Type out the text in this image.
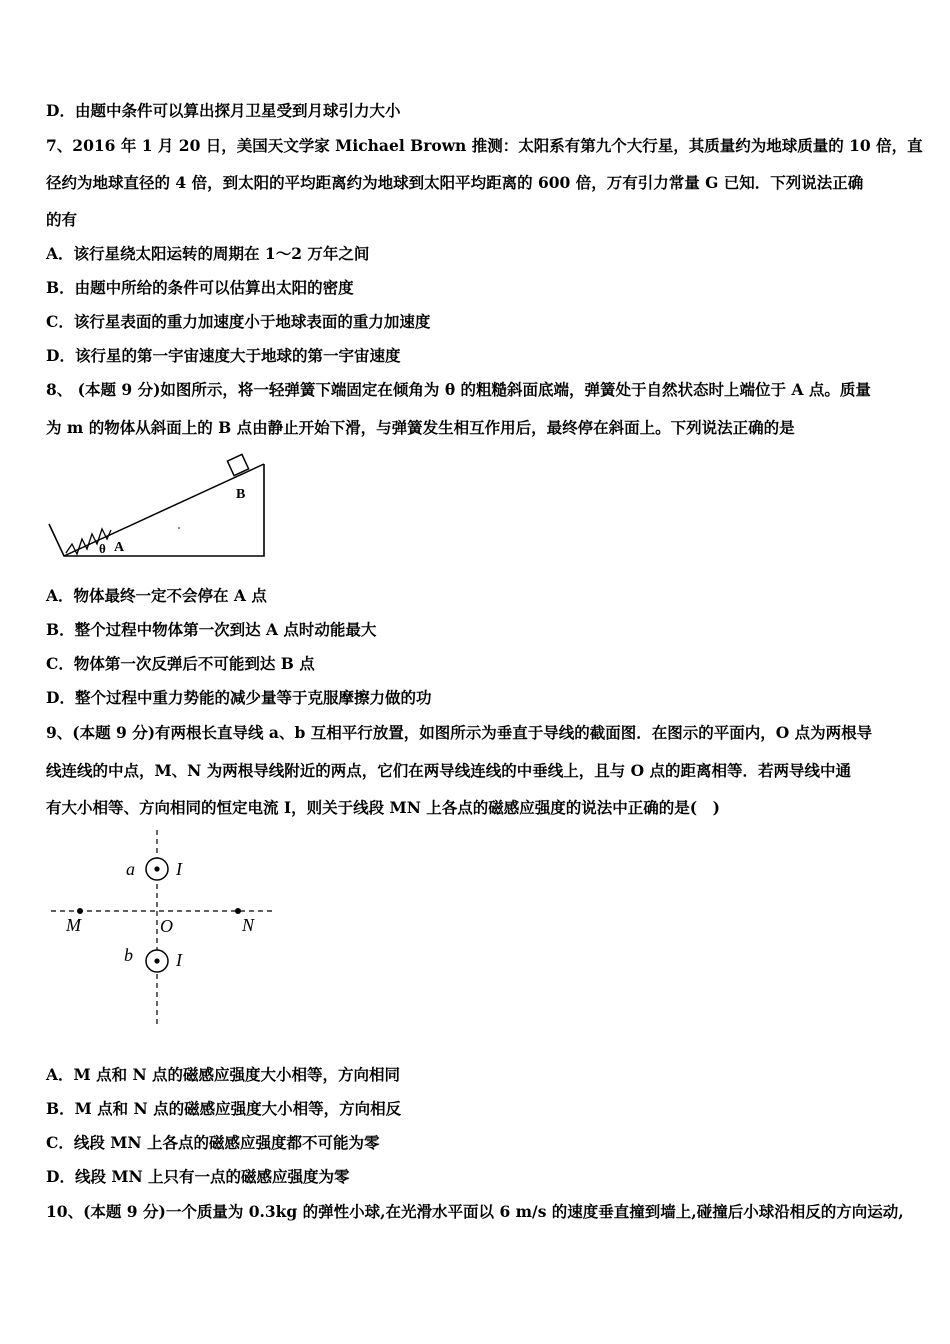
D．由题中条件可以算出探月卫星受到月球引力大小
7、2016 年 1 月 20 日，美国天文学家 Michael Brown 推测：太阳系有第九个大行星，其质量约为地球质量的 10 倍，直
径约为地球直径的 4 倍，到太阳的平均距离约为地球到太阳平均距离的 600 倍，万有引力常量 G 已知．下列说法正确
的有
A．该行星绕太阳运转的周期在 1～2 万年之间
B．由题中所给的条件可以估算出太阳的密度
C．该行星表面的重力加速度小于地球表面的重力加速度
D．该行星的第一宇宙速度大于地球的第一宇宙速度
8、 (本题 9 分)如图所示，将一轻弹簧下端固定在倾角为 θ 的粗糙斜面底端，弹簧处于自然状态时上端位于 A 点。质量
为 m 的物体从斜面上的 B 点由静止开始下滑，与弹簧发生相互作用后，最终停在斜面上。下列说法正确的是
B
A
θ
A．物体最终一定不会停在 A 点
B．整个过程中物体第一次到达 A 点时动能最大
C．物体第一次反弹后不可能到达 B 点
D．整个过程中重力势能的减少量等于克服摩擦力做的功
9、(本题 9 分)有两根长直导线 a、b 互相平行放置，如图所示为垂直于导线的截面图．在图示的平面内，O 点为两根导
线连线的中点，M、N 为两根导线附近的两点，它们在两导线连线的中垂线上，且与 O 点的距离相等．若两导线中通
有大小相等、方向相同的恒定电流 I，则关于线段 MN 上各点的磁感应强度的说法中正确的是(　)
a I
b I
M	O	N
A．M 点和 N 点的磁感应强度大小相等，方向相同
B．M 点和 N 点的磁感应强度大小相等，方向相反
C．线段 MN 上各点的磁感应强度都不可能为零
D．线段 MN 上只有一点的磁感应强度为零
10、(本题 9 分)一个质量为 0.3kg 的弹性小球,在光滑水平面以 6 m/s 的速度垂直撞到墙上,碰撞后小球沿相反的方向运动,
